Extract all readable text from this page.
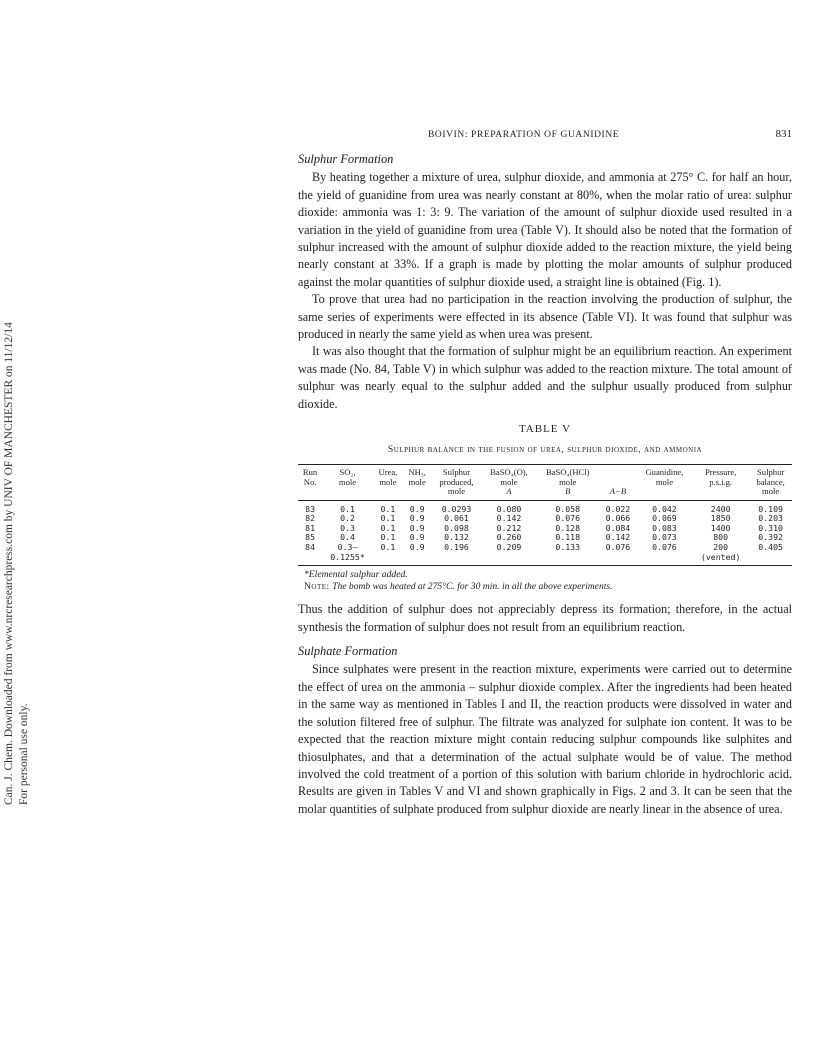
Can. J. Chem. Downloaded from www.nrcresearchpress.com by UNIV OF MANCHESTER on 11/12/14 For personal use only.
BOIVIN: PREPARATION OF GUANIDINE	831
Sulphur Formation

By heating together a mixture of urea, sulphur dioxide, and ammonia at 275° C. for half an hour, the yield of guanidine from urea was nearly constant at 80%, when the molar ratio of urea: sulphur dioxide: ammonia was 1: 3: 9. The variation of the amount of sulphur dioxide used resulted in a variation in the yield of guanidine from urea (Table V). It should also be noted that the formation of sulphur increased with the amount of sulphur dioxide added to the reaction mixture, the yield being nearly constant at 33%. If a graph is made by plotting the molar amounts of sulphur produced against the molar quantities of sulphur dioxide used, a straight line is obtained (Fig. 1).

To prove that urea had no participation in the reaction involving the production of sulphur, the same series of experiments were effected in its absence (Table VI). It was found that sulphur was produced in nearly the same yield as when urea was present.

It was also thought that the formation of sulphur might be an equilibrium reaction. An experiment was made (No. 84, Table V) in which sulphur was added to the reaction mixture. The total amount of sulphur was nearly equal to the sulphur added and the sulphur usually produced from sulphur dioxide.

TABLE V
Sulphur balance in the fusion of urea, sulphur dioxide, and ammonia
Run	SO₂,	Urea,	NH₃,	Sulphur	BaSO₄(O),	BaSO₄(HCl)		Guanidine,	Pressure,	Sulphur
No.	mole	mole	mole	produced,	mole	mole		mole	p.s.i.g.	balance,
				mole	A	B	A−B			mole
83	0.1	0.1	0.9	0.0293	0.080	0.058	0.022	0.042	2400	0.109
82	0.2	0.1	0.9	0.061	0.142	0.076	0.066	0.069	1850	0.203
81	0.3	0.1	0.9	0.098	0.212	0.128	0.084	0.083	1400	0.310
85	0.4	0.1	0.9	0.132	0.260	0.118	0.142	0.073	800	0.392
84	0.3–	0.1	0.9	0.196	0.209	0.133	0.076	0.076	200	0.405
	0.1255*								(vented)	
*Elemental sulphur added.
Note: The bomb was heated at 275°C. for 30 min. in all the above experiments.

Thus the addition of sulphur does not appreciably depress its formation; therefore, in the actual synthesis the formation of sulphur does not result from an equilibrium reaction.

Sulphate Formation

Since sulphates were present in the reaction mixture, experiments were carried out to determine the effect of urea on the ammonia – sulphur dioxide complex. After the ingredients had been heated in the same way as mentioned in Tables I and II, the reaction products were dissolved in water and the solution filtered free of sulphur. The filtrate was analyzed for sulphate ion content. It was to be expected that the reaction mixture might contain reducing sulphur compounds like sulphites and thiosulphates, and that a determination of the actual sulphate would be of value. The method involved the cold treatment of a portion of this solution with barium chloride in hydrochloric acid. Results are given in Tables V and VI and shown graphically in Figs. 2 and 3. It can be seen that the molar quantities of sulphate produced from sulphur dioxide are nearly linear in the absence of urea.
